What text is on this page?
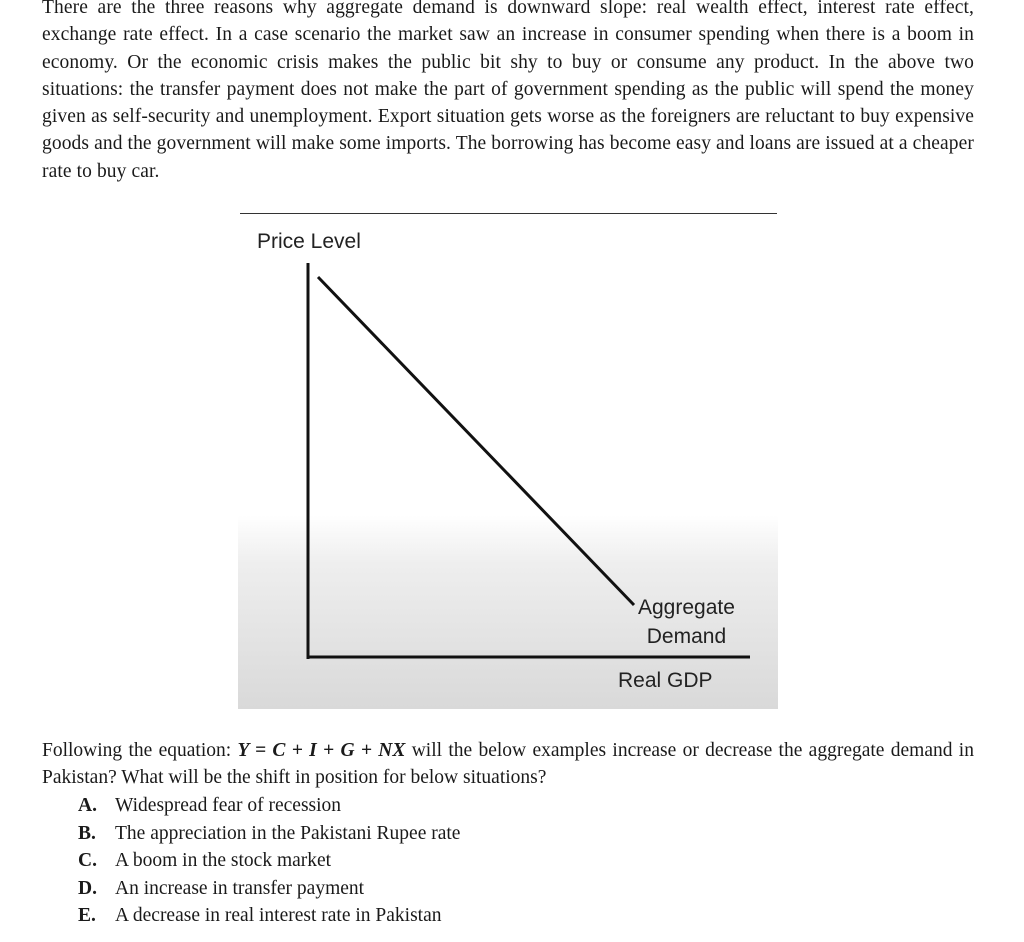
There are the three reasons why aggregate demand is downward slope: real wealth effect, interest rate effect, exchange rate effect. In a case scenario the market saw an increase in consumer spending when there is a boom in economy. Or the economic crisis makes the public bit shy to buy or consume any product. In the above two situations: the transfer payment does not make the part of government spending as the public will spend the money given as self-security and unemployment. Export situation gets worse as the foreigners are reluctant to buy expensive goods and the government will make some imports. The borrowing has become easy and loans are issued at a cheaper rate to buy car.

Price Level
Aggregate
Demand
Real GDP

Following the equation: Y = C + I + G + NX will the below examples increase or decrease the aggregate demand in Pakistan? What will be the shift in position for below situations?

A. Widespread fear of recession
B. The appreciation in the Pakistani Rupee rate
C. A boom in the stock market
D. An increase in transfer payment
E. A decrease in real interest rate in Pakistan
